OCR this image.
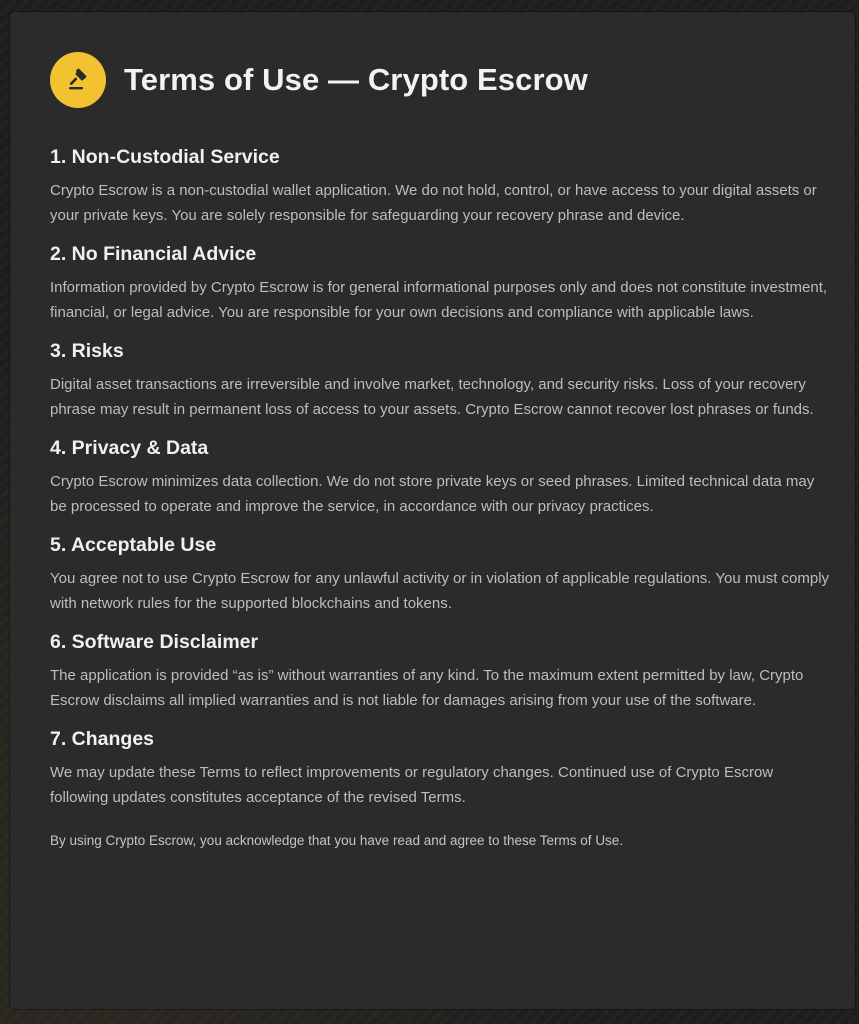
Terms of Use — Crypto Escrow
1. Non-Custodial Service

Crypto Escrow is a non-custodial wallet application. We do not hold, control, or have access to your digital assets or your private keys. You are solely responsible for safeguarding your recovery phrase and device.

2. No Financial Advice

Information provided by Crypto Escrow is for general informational purposes only and does not constitute investment, financial, or legal advice. You are responsible for your own decisions and compliance with applicable laws.

3. Risks

Digital asset transactions are irreversible and involve market, technology, and security risks. Loss of your recovery phrase may result in permanent loss of access to your assets. Crypto Escrow cannot recover lost phrases or funds.

4. Privacy & Data

Crypto Escrow minimizes data collection. We do not store private keys or seed phrases. Limited technical data may be processed to operate and improve the service, in accordance with our privacy practices.

5. Acceptable Use

You agree not to use Crypto Escrow for any unlawful activity or in violation of applicable regulations. You must comply with network rules for the supported blockchains and tokens.

6. Software Disclaimer

The application is provided “as is” without warranties of any kind. To the maximum extent permitted by law, Crypto Escrow disclaims all implied warranties and is not liable for damages arising from your use of the software.

7. Changes

We may update these Terms to reflect improvements or regulatory changes. Continued use of Crypto Escrow following updates constitutes acceptance of the revised Terms.

By using Crypto Escrow, you acknowledge that you have read and agree to these Terms of Use.
